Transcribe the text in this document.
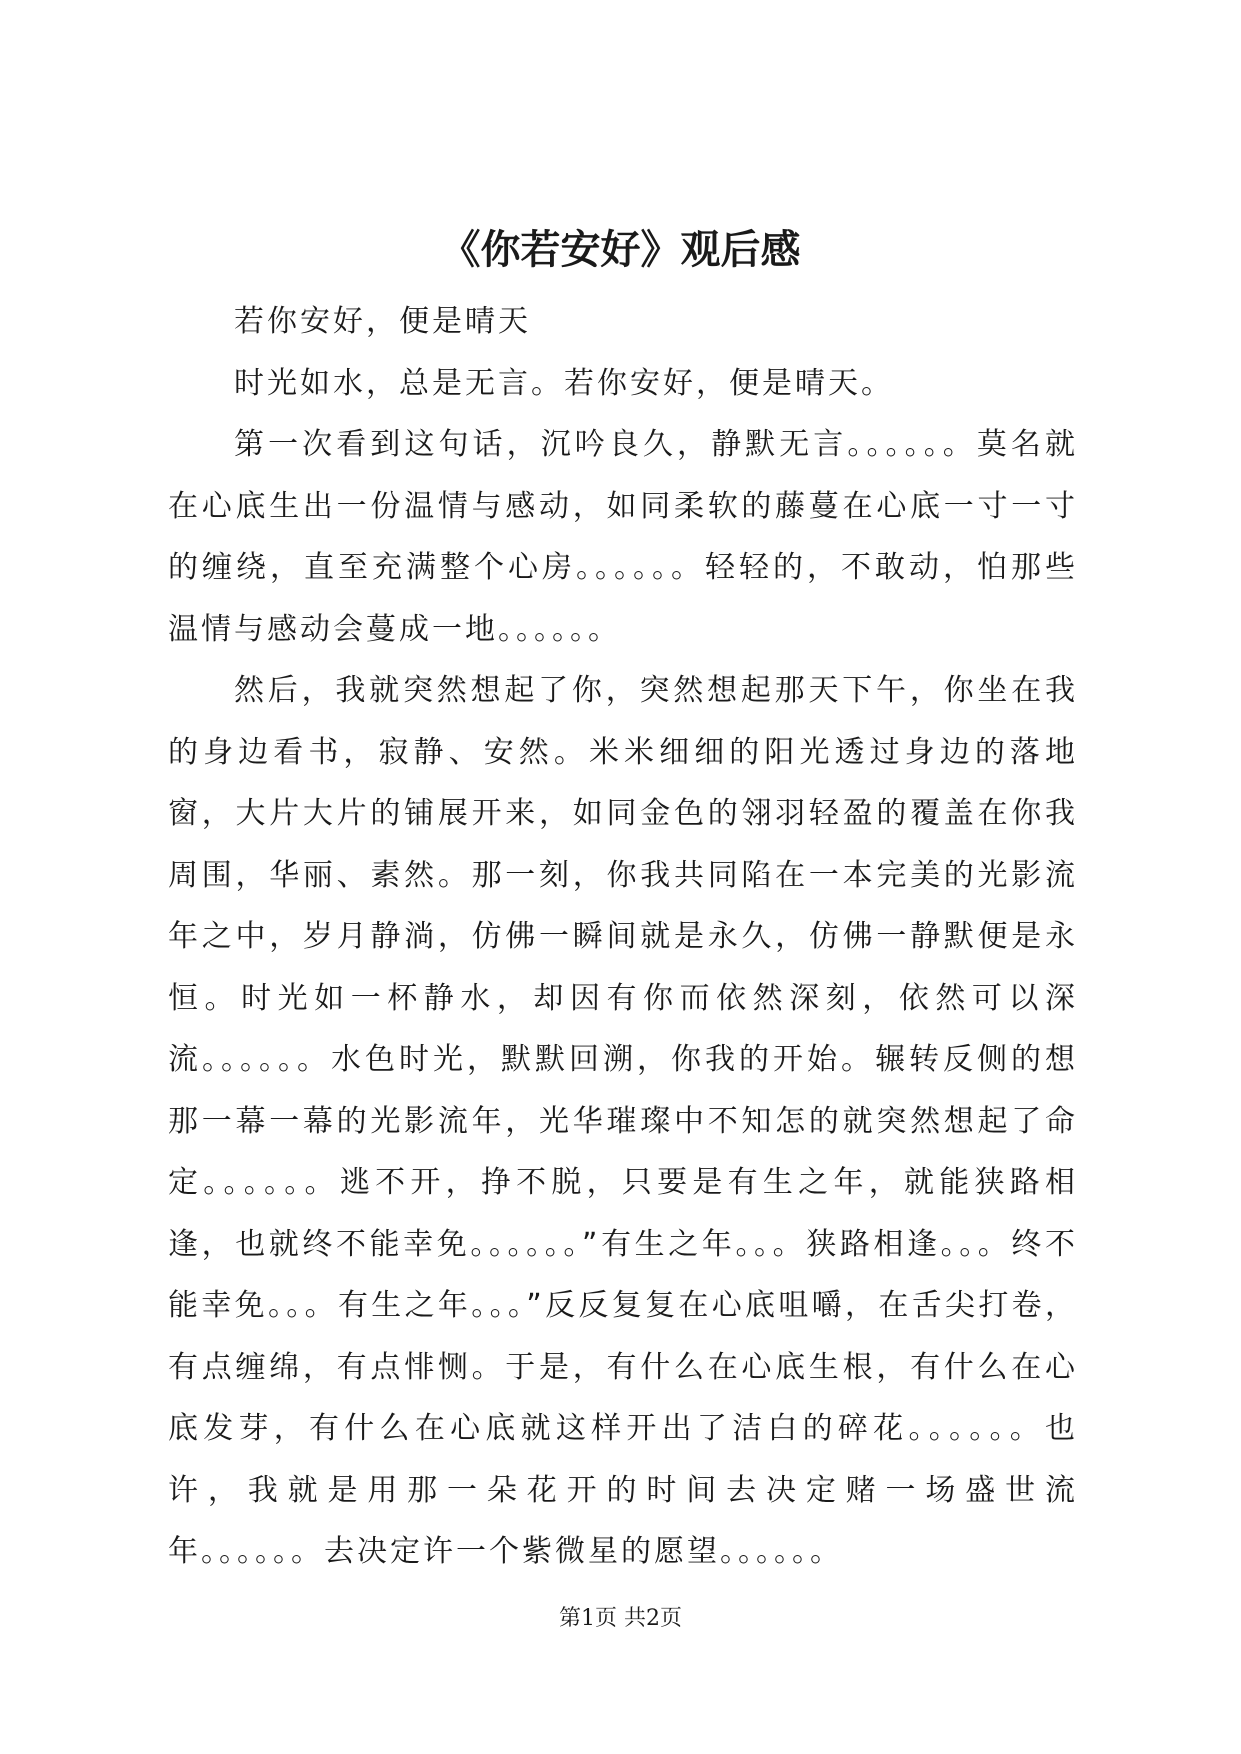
《你若安好》观后感

若你安好，便是晴天

时光如水，总是无言。若你安好，便是晴天。

第一次看到这句话，沉吟良久，静默无言。。。。。。莫名就在心底生出一份温情与感动，如同柔软的藤蔓在心底一寸一寸的缠绕，直至充满整个心房。。。。。。轻轻的，不敢动，怕那些温情与感动会蔓成一地。。。。。。

然后，我就突然想起了你，突然想起那天下午，你坐在我的身边看书，寂静、安然。米米细细的阳光透过身边的落地窗，大片大片的铺展开来，如同金色的翎羽轻盈的覆盖在你我周围，华丽、素然。那一刻，你我共同陷在一本完美的光影流年之中，岁月静淌，仿佛一瞬间就是永久，仿佛一静默便是永恒。时光如一杯静水，却因有你而依然深刻，依然可以深流。。。。。。水色时光，默默回溯，你我的开始。辗转反侧的想那一幕一幕的光影流年，光华璀璨中不知怎的就突然想起了命定。。。。。。逃不开，挣不脱，只要是有生之年，就能狭路相逢，也就终不能幸免。。。。。。”有生之年。。。狭路相逢。。。终不能幸免。。。有生之年。。。”反反复复在心底咀嚼，在舌尖打卷，有点缠绵，有点悱恻。于是，有什么在心底生根，有什么在心底发芽，有什么在心底就这样开出了洁白的碎花。。。。。。也许，我就是用那一朵花开的时间去决定赌一场盛世流年。。。。。。去决定许一个紫微星的愿望。。。。。。

第1页 共2页
